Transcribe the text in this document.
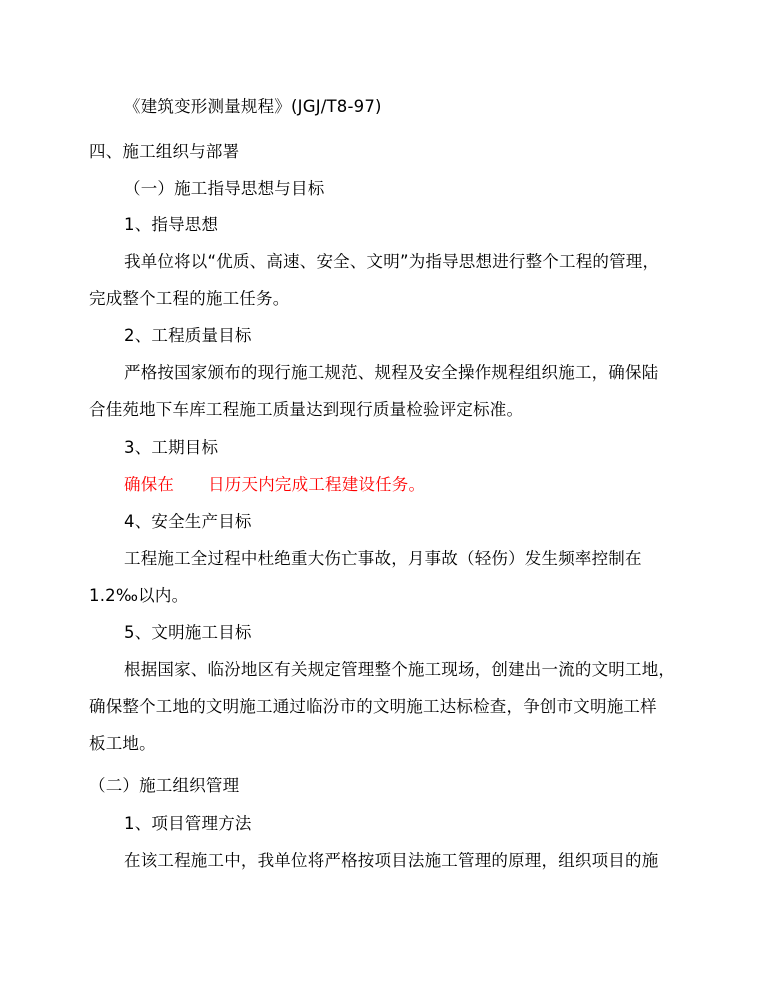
《建筑变形测量规程》(JGJ/T8-97)
四、施工组织与部署
（一）施工指导思想与目标
1、指导思想
我单位将以“优质、高速、安全、文明”为指导思想进行整个工程的管理，
完成整个工程的施工任务。
2、工程质量目标
严格按国家颁布的现行施工规范、规程及安全操作规程组织施工，确保陆
合佳苑地下车库工程施工质量达到现行质量检验评定标准。
3、工期目标
确保在 日历天内完成工程建设任务。
4、安全生产目标
工程施工全过程中杜绝重大伤亡事故，月事故（轻伤）发生频率控制在
1.2‰以内。
5、文明施工目标
根据国家、临汾地区有关规定管理整个施工现场，创建出一流的文明工地，
确保整个工地的文明施工通过临汾市的文明施工达标检查，争创市文明施工样
板工地。
（二）施工组织管理
1、项目管理方法
在该工程施工中，我单位将严格按项目法施工管理的原理，组织项目的施
